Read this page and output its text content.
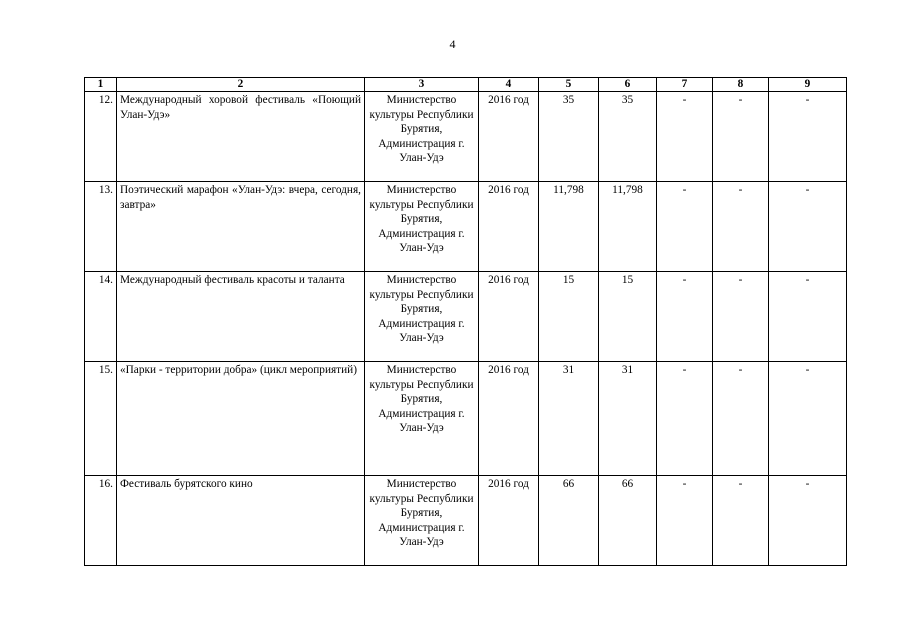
4
1	2	3	4	5	6	7	8	9
12.	Международный хоровой фестиваль «Поющий Улан-Удэ»	Министерство культуры Республики Бурятия, Администрация г. Улан-Удэ	2016 год	35	35	-	-	-
13.	Поэтический марафон «Улан-Удэ: вчера, сегодня, завтра»	Министерство культуры Республики Бурятия, Администрация г. Улан-Удэ	2016 год	11,798	11,798	-	-	-
14.	Международный фестиваль красоты и таланта	Министерство культуры Республики Бурятия, Администрация г. Улан-Удэ	2016 год	15	15	-	-	-
15.	«Парки - территории добра» (цикл мероприятий)	Министерство культуры Республики Бурятия, Администрация г. Улан-Удэ	2016 год	31	31	-	-	-
16.	Фестиваль бурятского кино	Министерство культуры Республики Бурятия, Администрация г. Улан-Удэ	2016 год	66	66	-	-	-
